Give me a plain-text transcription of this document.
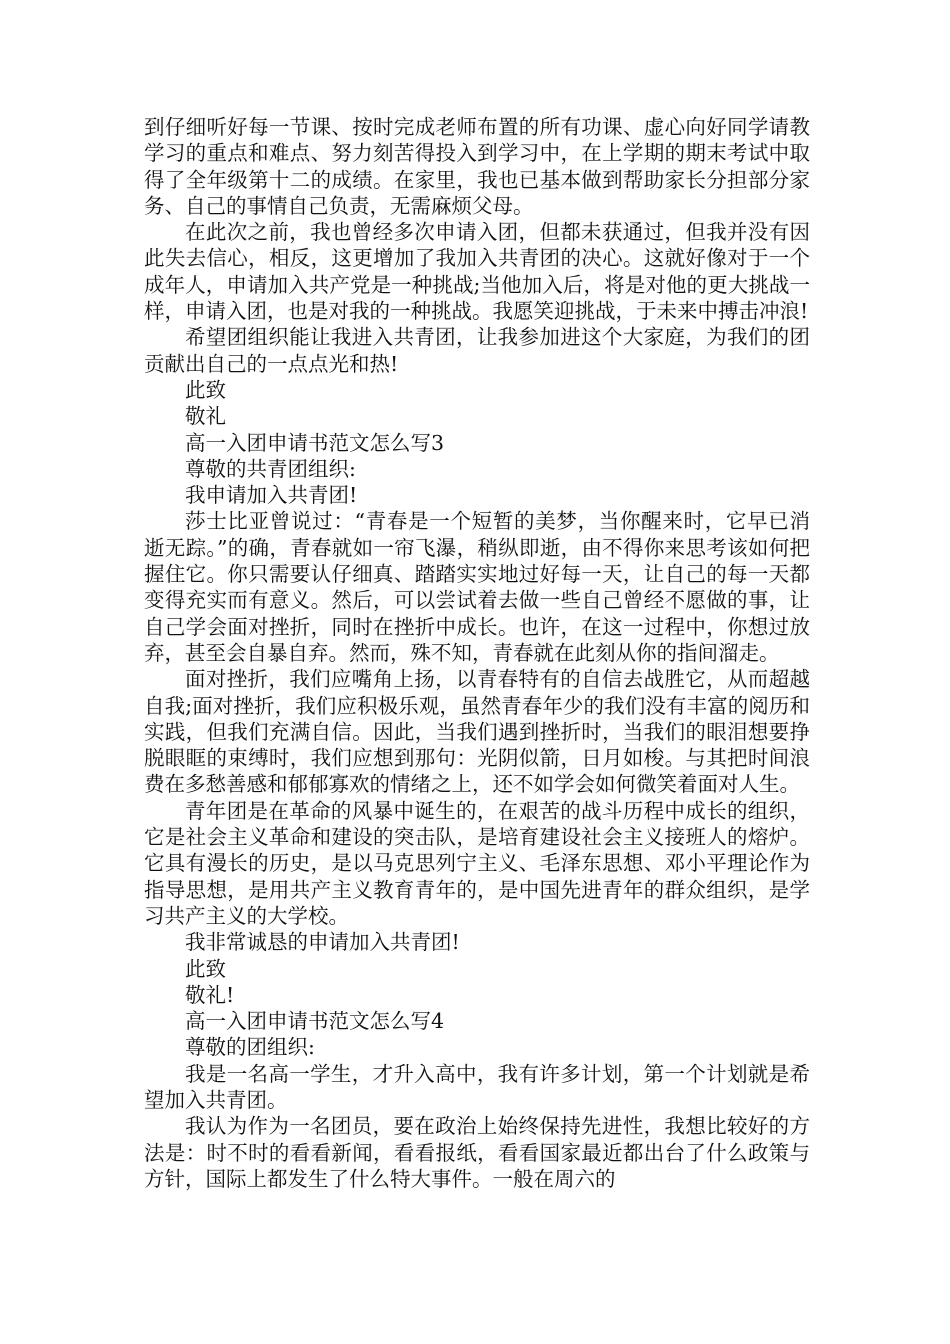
到仔细听好每一节课、按时完成老师布置的所有功课、虚心向好同学请教学习的重点和难点、努力刻苦得投入到学习中，在上学期的期末考试中取得了全年级第十二的成绩。在家里，我也已基本做到帮助家长分担部分家务、自己的事情自己负责，无需麻烦父母。

在此次之前，我也曾经多次申请入团，但都未获通过，但我并没有因此失去信心，相反，这更增加了我加入共青团的决心。这就好像对于一个成年人，申请加入共产党是一种挑战;当他加入后，将是对他的更大挑战一样，申请入团，也是对我的一种挑战。我愿笑迎挑战，于未来中搏击冲浪!

希望团组织能让我进入共青团，让我参加进这个大家庭，为我们的团贡献出自己的一点点光和热!

此致

敬礼

高一入团申请书范文怎么写3

尊敬的共青团组织:

我申请加入共青团!

莎士比亚曾说过：“青春是一个短暂的美梦，当你醒来时，它早已消逝无踪。”的确，青春就如一帘飞瀑，稍纵即逝，由不得你来思考该如何把握住它。你只需要认仔细真、踏踏实实地过好每一天，让自己的每一天都变得充实而有意义。然后，可以尝试着去做一些自己曾经不愿做的事，让自己学会面对挫折，同时在挫折中成长。也许，在这一过程中，你想过放弃，甚至会自暴自弃。然而，殊不知，青春就在此刻从你的指间溜走。

面对挫折，我们应嘴角上扬，以青春特有的自信去战胜它，从而超越自我;面对挫折，我们应积极乐观，虽然青春年少的我们没有丰富的阅历和实践，但我们充满自信。因此，当我们遇到挫折时，当我们的眼泪想要挣脱眼眶的束缚时，我们应想到那句：光阴似箭，日月如梭。与其把时间浪费在多愁善感和郁郁寡欢的情绪之上，还不如学会如何微笑着面对人生。

青年团是在革命的风暴中诞生的，在艰苦的战斗历程中成长的组织，它是社会主义革命和建设的突击队，是培育建设社会主义接班人的熔炉。它具有漫长的历史，是以马克思列宁主义、毛泽东思想、邓小平理论作为指导思想，是用共产主义教育青年的，是中国先进青年的群众组织，是学习共产主义的大学校。

我非常诚恳的申请加入共青团!

此致

敬礼!

高一入团申请书范文怎么写4

尊敬的团组织:

我是一名高一学生，才升入高中，我有许多计划，第一个计划就是希望加入共青团。

我认为作为一名团员，要在政治上始终保持先进性，我想比较好的方法是：时不时的看看新闻，看看报纸，看看国家最近都出台了什么政策与方针，国际上都发生了什么特大事件。一般在周六的
